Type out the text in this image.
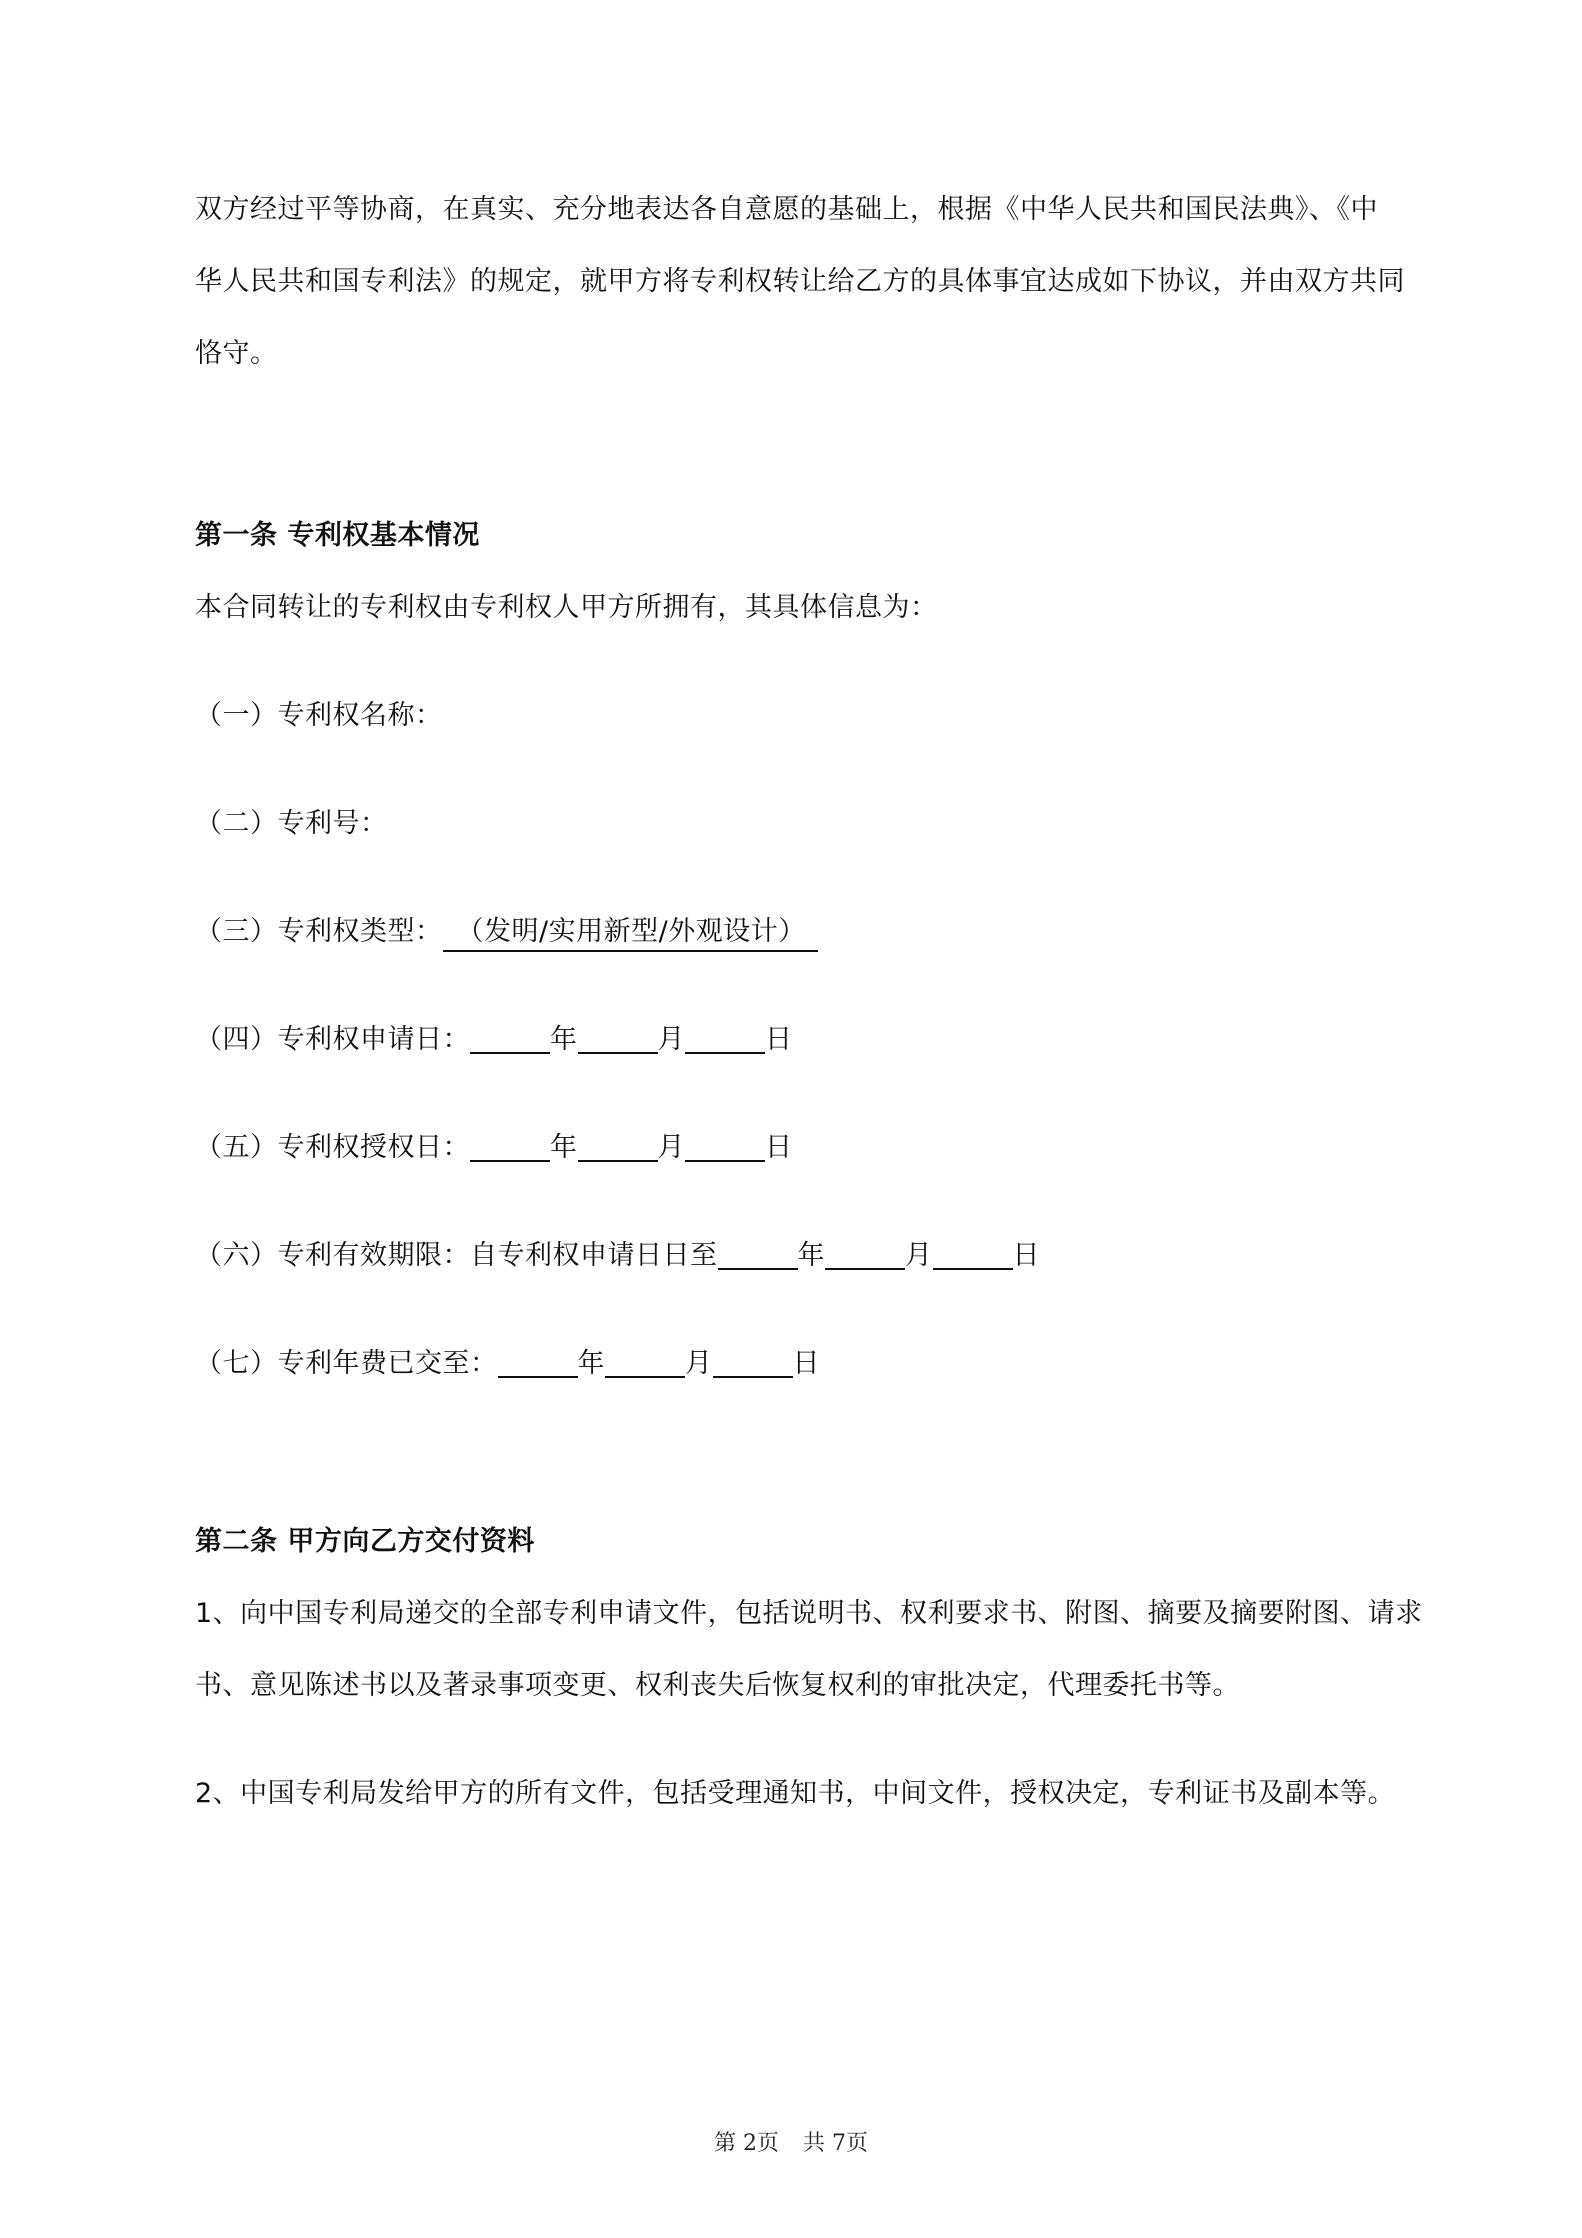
双方经过平等协商，在真实、充分地表达各自意愿的基础上，根据《中华人民共和国民法典》、《中
华人民共和国专利法》的规定，就甲方将专利权转让给乙方的具体事宜达成如下协议，并由双方共同
恪守。
第一条 专利权基本情况
本合同转让的专利权由专利权人甲方所拥有，其具体信息为：
（一）专利权名称：
（二）专利号：
（三）专利权类型： （发明/实用新型/外观设计）
（四）专利权申请日：	年	月	日
（五）专利权授权日：	年	月	日
（六）专利有效期限：自专利权申请日日至	年	月	日
（七）专利年费已交至：	年	月	日
第二条 甲方向乙方交付资料
1、向中国专利局递交的全部专利申请文件，包括说明书、权利要求书、附图、摘要及摘要附图、请求
书、意见陈述书以及著录事项变更、权利丧失后恢复权利的审批决定，代理委托书等。
2、中国专利局发给甲方的所有文件，包括受理通知书，中间文件，授权决定，专利证书及副本等。
第 2页 共 7页
